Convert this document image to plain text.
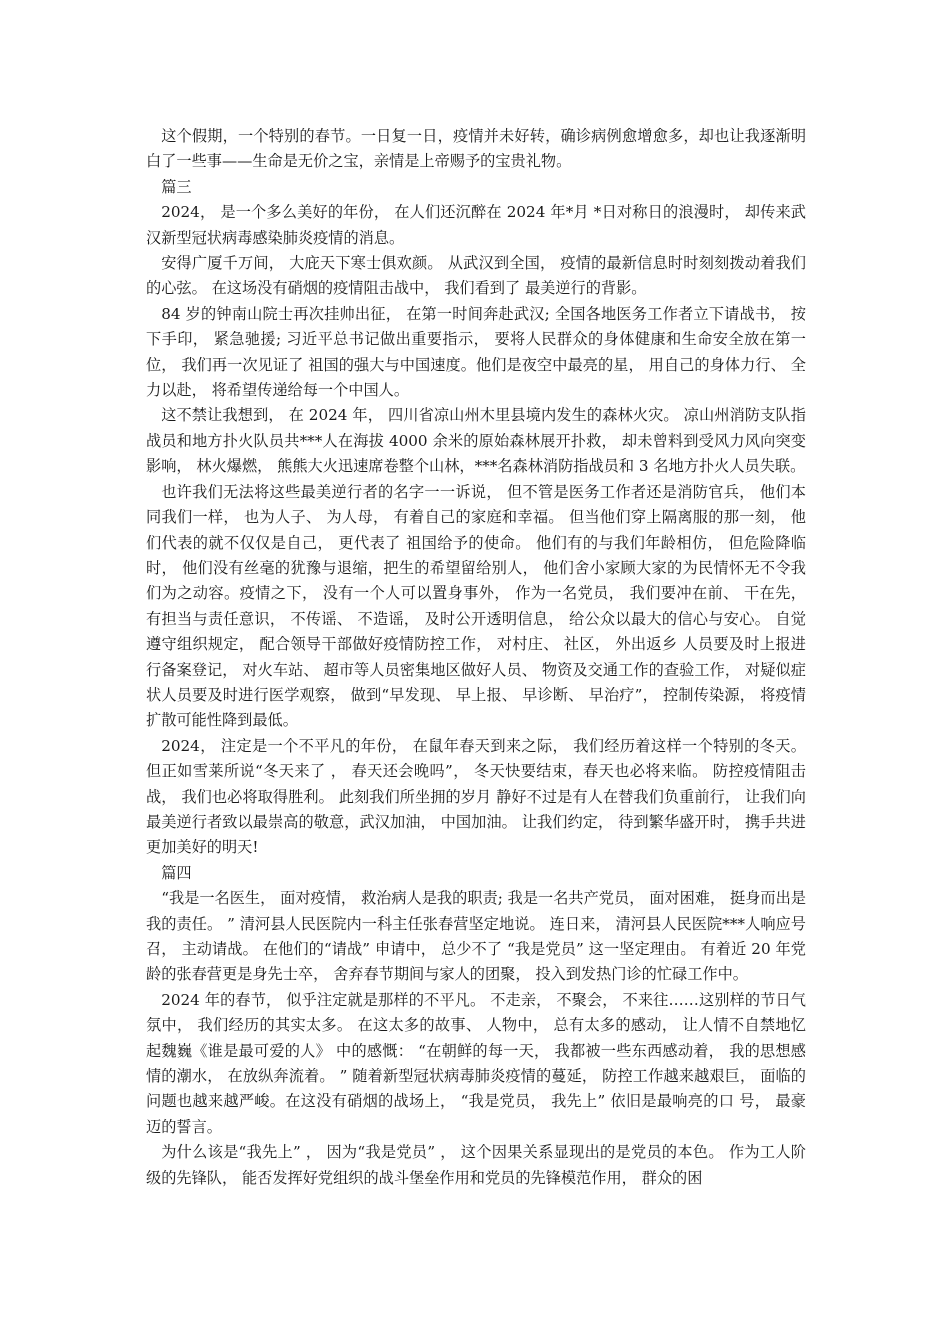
这个假期，一个特别的春节。一日复一日，疫情并未好转，确诊病例愈增愈多，却也让我逐渐明白了一些事——生命是无价之宝，亲情是上帝赐予的宝贵礼物。

篇三

2024， 是一个多么美好的年份， 在人们还沉醉在 2024 年*月 *日对称日的浪漫时， 却传来武汉新型冠状病毒感染肺炎疫情的消息。

安得广厦千万间， 大庇天下寒士俱欢颜。 从武汉到全国， 疫情的最新信息时时刻刻拨动着我们的心弦。 在这场没有硝烟的疫情阻击战中， 我们看到了 最美逆行的背影。

84 岁的钟南山院士再次挂帅出征， 在第一时间奔赴武汉; 全国各地医务工作者立下请战书， 按下手印， 紧急驰援; 习近平总书记做出重要指示， 要将人民群众的身体健康和生命安全放在第一位， 我们再一次见证了 祖国的强大与中国速度。他们是夜空中最亮的星， 用自己的身体力行、 全力以赴， 将希望传递给每一个中国人。

这不禁让我想到， 在 2024 年， 四川省凉山州木里县境内发生的森林火灾。 凉山州消防支队指战员和地方扑火队员共***人在海拔 4000 余米的原始森林展开扑救， 却未曾料到受风力风向突变影响， 林火爆燃， 熊熊大火迅速席卷整个山林，***名森林消防指战员和 3 名地方扑火人员失联。

也许我们无法将这些最美逆行者的名字一一诉说， 但不管是医务工作者还是消防官兵， 他们本同我们一样， 也为人子、 为人母， 有着自己的家庭和幸福。 但当他们穿上隔离服的那一刻， 他们代表的就不仅仅是自己， 更代表了 祖国给予的使命。 他们有的与我们年龄相仿， 但危险降临时， 他们没有丝毫的犹豫与退缩，把生的希望留给别人， 他们舍小家顾大家的为民情怀无不令我们为之动容。疫情之下， 没有一个人可以置身事外， 作为一名党员， 我们要冲在前、 干在先， 有担当与责任意识， 不传谣、 不造谣， 及时公开透明信息， 给公众以最大的信心与安心。 自觉遵守组织规定， 配合领导干部做好疫情防控工作， 对村庄、 社区， 外出返乡 人员要及时上报进行备案登记， 对火车站、 超市等人员密集地区做好人员、 物资及交通工作的查验工作， 对疑似症状人员要及时进行医学观察， 做到“早发现、 早上报、 早诊断、 早治疗”， 控制传染源， 将疫情扩散可能性降到最低。

2024， 注定是一个不平凡的年份， 在鼠年春天到来之际， 我们经历着这样一个特别的冬天。 但正如雪莱所说“冬天来了 ， 春天还会晚吗”， 冬天快要结束，春天也必将来临。 防控疫情阻击战， 我们也必将取得胜利。 此刻我们所坐拥的岁月 静好不过是有人在替我们负重前行， 让我们向最美逆行者致以最崇高的敬意，武汉加油， 中国加油。 让我们约定， 待到繁华盛开时， 携手共进更加美好的明天!

篇四

“我是一名医生， 面对疫情， 救治病人是我的职责; 我是一名共产党员， 面对困难， 挺身而出是我的责任。 ” 清河县人民医院内一科主任张春营坚定地说。 连日来， 清河县人民医院***人响应号召， 主动请战。 在他们的“请战” 申请中， 总少不了 “我是党员” 这一坚定理由。 有着近 20 年党龄的张春营更是身先士卒， 舍弃春节期间与家人的团聚， 投入到发热门诊的忙碌工作中。

2024 年的春节， 似乎注定就是那样的不平凡。 不走亲， 不聚会， 不来往……这别样的节日气氛中， 我们经历的其实太多。 在这太多的故事、 人物中， 总有太多的感动， 让人情不自禁地忆起魏巍《谁是最可爱的人》 中的感慨： “在朝鲜的每一天， 我都被一些东西感动着， 我的思想感情的潮水， 在放纵奔流着。 ” 随着新型冠状病毒肺炎疫情的蔓延， 防控工作越来越艰巨， 面临的问题也越来越严峻。在这没有硝烟的战场上， “我是党员， 我先上” 依旧是最响亮的口 号， 最豪迈的誓言。

为什么该是“我先上” ， 因为“我是党员” ， 这个因果关系显现出的是党员的本色。 作为工人阶级的先锋队， 能否发挥好党组织的战斗堡垒作用和党员的先锋模范作用， 群众的困
